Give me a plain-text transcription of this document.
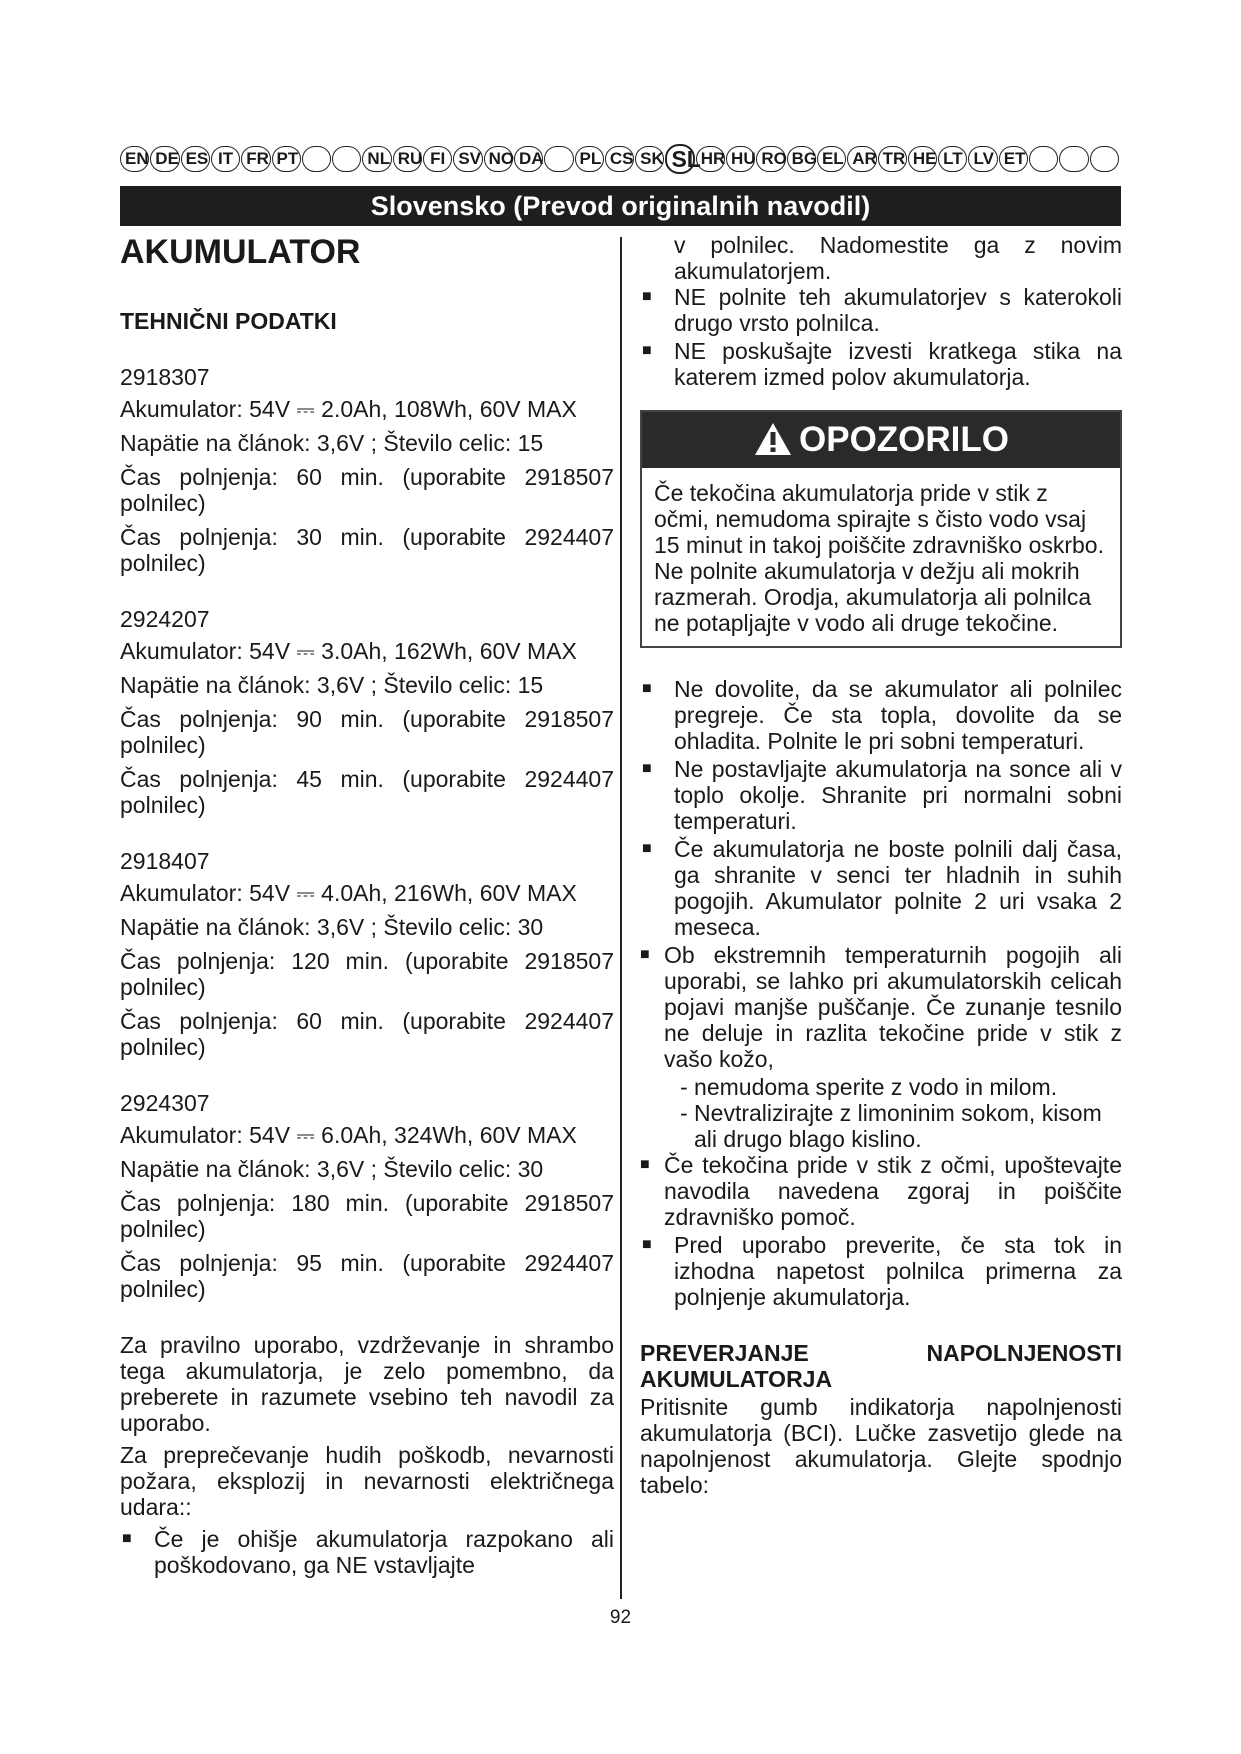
EN DE ES IT FR PT	NL RU FI SV NO DA PL CS SK SL HR HU RO BG EL AR TR HE LT LV ET
Slovensko (Prevod originalnih navodil)
AKUMULATOR
TEHNIČNI PODATKI

2918307

Akumulator: 54V ⎓ 2.0Ah, 108Wh, 60V MAX

Napätie na článok: 3,6V ; Število celic: 15

Čas polnjenja: 60 min. (uporabite 2918507 polnilec)

Čas polnjenja: 30 min. (uporabite 2924407 polnilec)

2924207

Akumulator: 54V ⎓ 3.0Ah, 162Wh, 60V MAX

Napätie na článok: 3,6V ; Število celic: 15

Čas polnjenja: 90 min. (uporabite 2918507 polnilec)

Čas polnjenja: 45 min. (uporabite 2924407 polnilec)

2918407

Akumulator: 54V ⎓ 4.0Ah, 216Wh, 60V MAX

Napätie na článok: 3,6V ; Število celic: 30

Čas polnjenja: 120 min. (uporabite 2918507 polnilec)

Čas polnjenja: 60 min. (uporabite 2924407 polnilec)

2924307

Akumulator: 54V ⎓ 6.0Ah, 324Wh, 60V MAX

Napätie na článok: 3,6V ; Število celic: 30

Čas polnjenja: 180 min. (uporabite 2918507 polnilec)

Čas polnjenja: 95 min. (uporabite 2924407 polnilec)

Za pravilno uporabo, vzdrževanje in shrambo tega akumulatorja, je zelo pomembno, da preberete in razumete vsebino teh navodil za uporabo.

Za preprečevanje hudih poškodb, nevarnosti požara, eksplozij in nevarnosti električnega udara::

■ Če je ohišje akumulatorja razpokano ali poškodovano, ga NE vstavljajte
v polnilec. Nadomestite ga z novim akumulatorjem.
■ NE polnite teh akumulatorjev s katerokoli drugo vrsto polnilca.
■ NE poskušajte izvesti kratkega stika na katerem izmed polov akumulatorja.
OPOZORILO
Če tekočina akumulatorja pride v stik z očmi, nemudoma spirajte s čisto vodo vsaj 15 minut in takoj poiščite zdravniško oskrbo. Ne polnite akumulatorja v dežju ali mokrih razmerah. Orodja, akumulatorja ali polnilca ne potapljajte v vodo ali druge tekočine.
■ Ne dovolite, da se akumulator ali polnilec pregreje. Če sta topla, dovolite da se ohladita. Polnite le pri sobni temperaturi.
■ Ne postavljajte akumulatorja na sonce ali v toplo okolje. Shranite pri normalni sobni temperaturi.
■ Če akumulatorja ne boste polnili dalj časa, ga shranite v senci ter hladnih in suhih pogojih. Akumulator polnite 2 uri vsaka 2 meseca.
■ Ob ekstremnih temperaturnih pogojih ali uporabi, se lahko pri akumulatorskih celicah pojavi manjše puščanje. Če zunanje tesnilo ne deluje in razlita tekočine pride v stik z vašo kožo,
- nemudoma sperite z vodo in milom.
- Nevtralizirajte z limoninim sokom, kisom ali drugo blago kislino.
■ Če tekočina pride v stik z očmi, upoštevajte navodila navedena zgoraj in poiščite zdravniško pomoč.
■ Pred uporabo preverite, če sta tok in izhodna napetost polnilca primerna za polnjenje akumulatorja.
PREVERJANJE	NAPOLNJENOSTI
AKUMULATORJA

Pritisnite gumb indikatorja napolnjenosti akumulatorja (BCI). Lučke zasvetijo glede na napolnjenost akumulatorja. Glejte spodnjo tabelo:

92
